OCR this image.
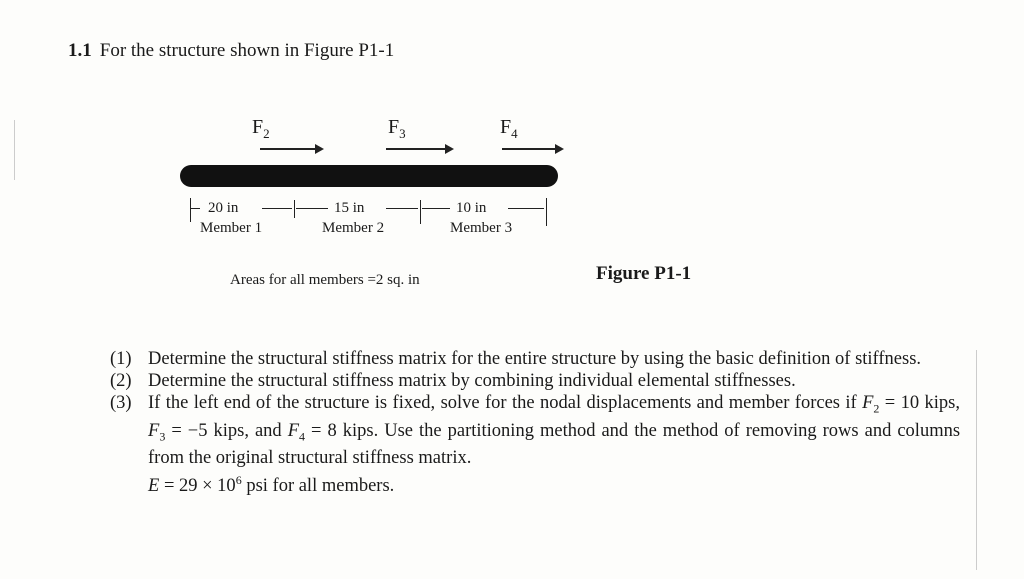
1.1 For the structure shown in Figure P1-1
$F_2$	$F_3$	$F_4$
20 in	15 in	10 in
Member 1	Member 2	Member 3
Areas for all members =2 sq. in	Figure P1-1
(1) Determine the structural stiffness matrix for the entire structure by using the basic definition of stiffness.
(2) Determine the structural stiffness matrix by combining individual elemental stiffnesses.
(3) If the left end of the structure is fixed, solve for the nodal displacements and member forces if $F_2 = 10$ kips, $F_3 = -5$ kips, and $F_4 = 8$ kips. Use the partitioning method and the method of removing rows and columns from the original structural stiffness matrix.
$E = 29 \times 10^6$ psi for all members.
